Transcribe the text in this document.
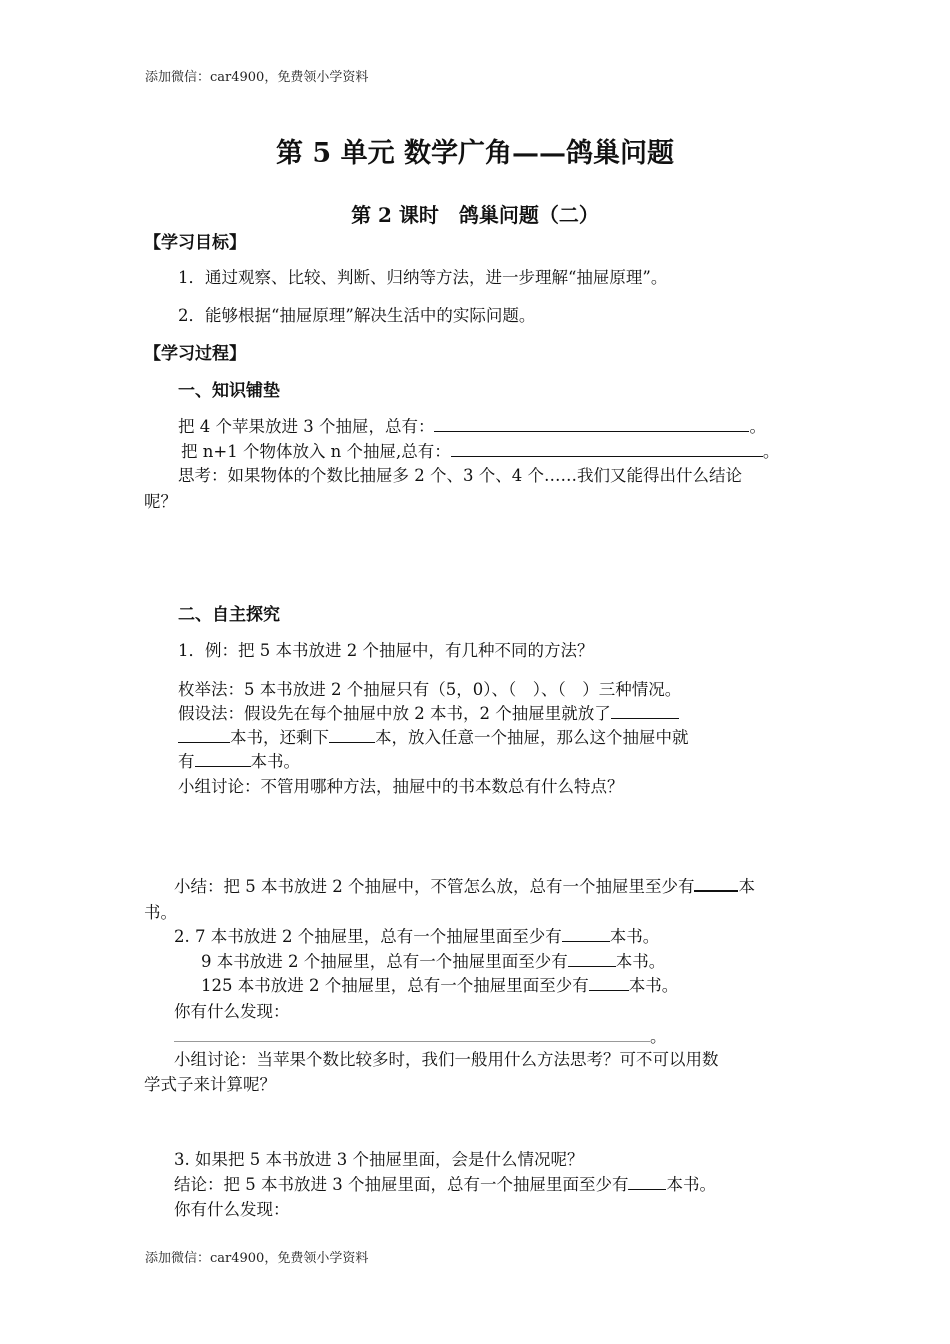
添加微信：car4900，免费领小学资料
第 5 单元 数学广角——鸽巢问题
第 2 课时　鸽巢问题（二）
【学习目标】
1．通过观察、比较、判断、归纳等方法，进一步理解“抽屉原理”。
2．能够根据“抽屉原理”解决生活中的实际问题。
【学习过程】
一、知识铺垫
把 4 个苹果放进 3 个抽屉，总有：	。
把 n+1 个物体放入 n 个抽屉,总有：	。
思考：如果物体的个数比抽屉多 2 个、3 个、4 个……我们又能得出什么结论
呢？
二、自主探究
1．例：把 5 本书放进 2 个抽屉中，有几种不同的方法？
枚举法：5 本书放进 2 个抽屉只有（5，0）、（　）、（　）三种情况。
假设法：假设先在每个抽屉中放 2 本书，2 个抽屉里就放了
本书，还剩下	本，放入任意一个抽屉，那么这个抽屉中就
有	本书。
小组讨论：不管用哪种方法，抽屉中的书本数总有什么特点？
小结：把 5 本书放进 2 个抽屉中，不管怎么放，总有一个抽屉里至少有	本
书。
2. 7 本书放进 2 个抽屉里，总有一个抽屉里面至少有	本书。
9 本书放进 2 个抽屉里，总有一个抽屉里面至少有	本书。
125 本书放进 2 个抽屉里，总有一个抽屉里面至少有 本书。
你有什么发现：
。
小组讨论：当苹果个数比较多时，我们一般用什么方法思考？可不可以用数
学式子来计算呢？
3. 如果把 5 本书放进 3 个抽屉里面，会是什么情况呢？
结论：把 5 本书放进 3 个抽屉里面，总有一个抽屉里面至少有 本书。
你有什么发现：
添加微信：car4900，免费领小学资料
